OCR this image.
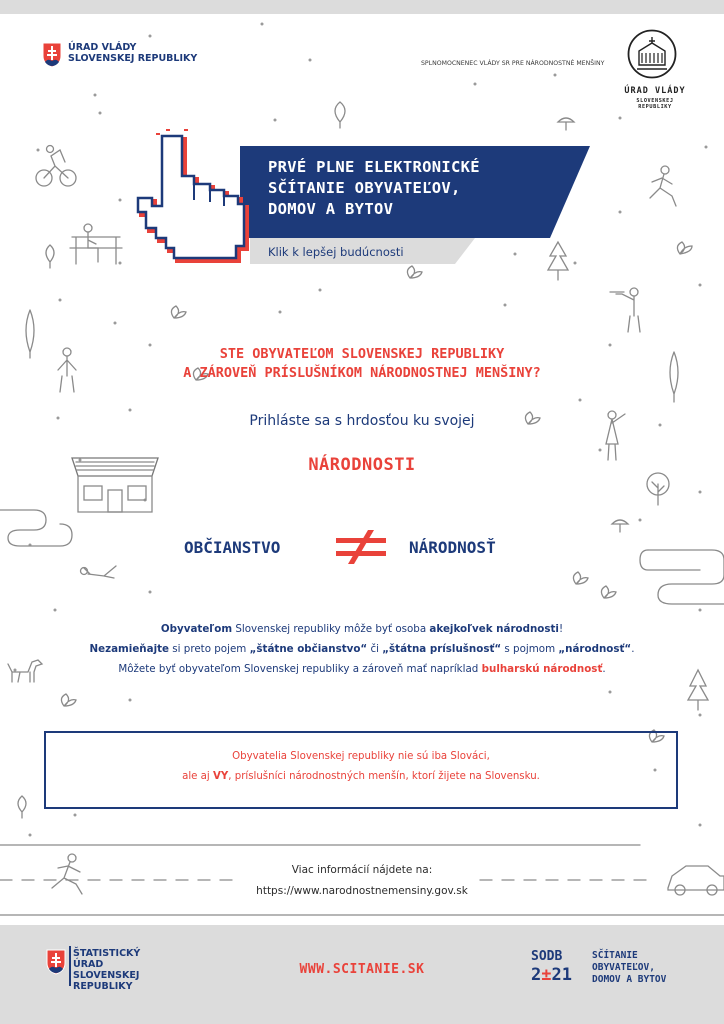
ÚRAD VLÁDY
SLOVENSKEJ REPUBLIKY	SPLNOMOCNENEC VLÁDY SR PRE NÁRODNOSTNÉ MENŠINY
ÚRAD VLÁDY
SLOVENSKEJ REPUBLIKY
PRVÉ PLNE ELEKTRONICKÉ
SČÍTANIE OBYVATEĽOV,
DOMOV A BYTOV
Klik k lepšej budúcnosti
STE OBYVATEĽOM SLOVENSKEJ REPUBLIKY
A ZÁROVEŇ PRÍSLUŠNÍKOM NÁRODNOSTNEJ MENŠINY?
Prihláste sa s hrdosťou ku svojej
NÁRODNOSTI
OBČIANSTVO	NÁRODNOSŤ
Obyvateľom Slovenskej republiky môže byť osoba akejkoľvek národnosti!
Nezamieňajte si preto pojem „štátne občianstvo“ či „štátna príslušnosť“ s pojmom „národnosť“.
Môžete byť obyvateľom Slovenskej republiky a zároveň mať napríklad bulharskú národnosť.
Obyvatelia Slovenskej republiky nie sú iba Slováci,
ale aj VY, príslušníci národnostných menšín, ktorí žijete na Slovensku.
Viac informácií nájdete na:
https://www.narodnostnemensiny.gov.sk
ŠTATISTICKÝ
ÚRAD
SLOVENSKEJ
REPUBLIKY
WWW.SCITANIE.SK
SODB
2±21
SČÍTANIE
OBYVATEĽOV,
DOMOV A BYTOV
